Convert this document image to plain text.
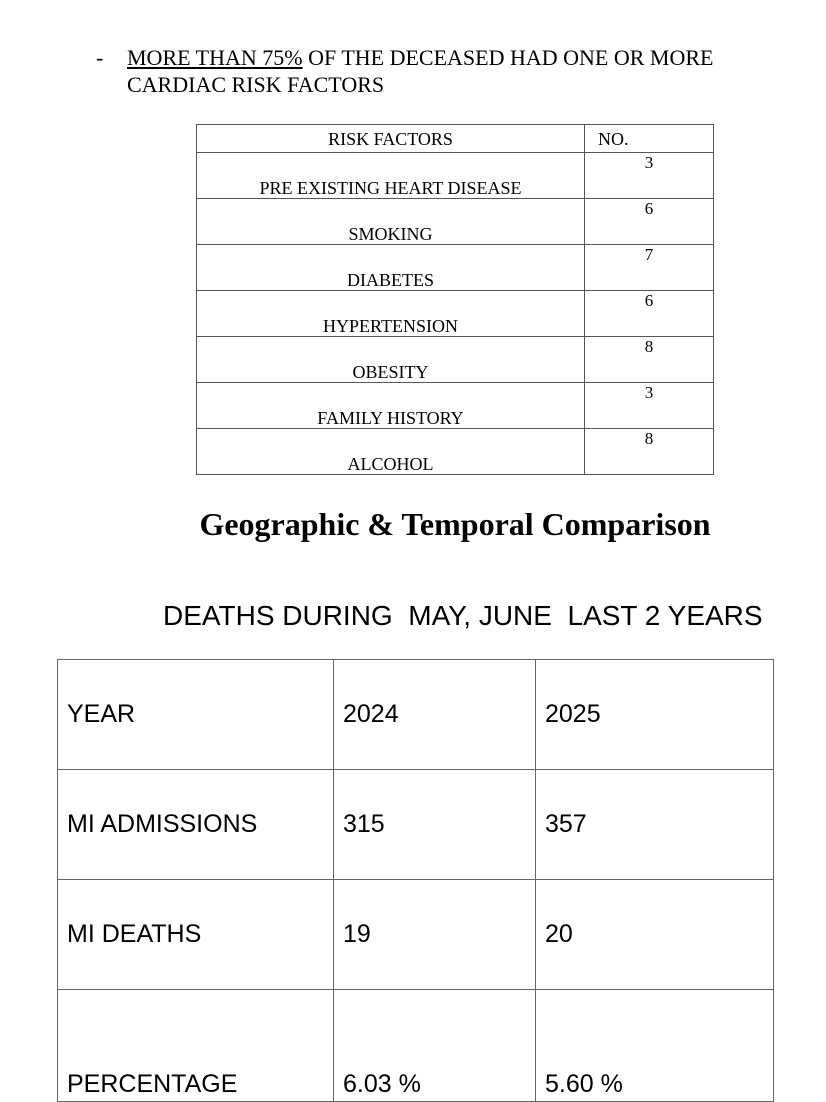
- MORE THAN 75% OF THE DECEASED HAD ONE OR MORE CARDIAC RISK FACTORS
RISK FACTORS	NO.
PRE EXISTING HEART DISEASE	3
SMOKING	6
DIABETES	7
HYPERTENSION	6
OBESITY	8
FAMILY HISTORY	3
ALCOHOL	8
Geographic & Temporal Comparison
DEATHS DURING  MAY, JUNE  LAST 2 YEARS
YEAR	2024	2025
MI ADMISSIONS	315	357
MI DEATHS	19	20
PERCENTAGE	6.03 %	5.60 %
